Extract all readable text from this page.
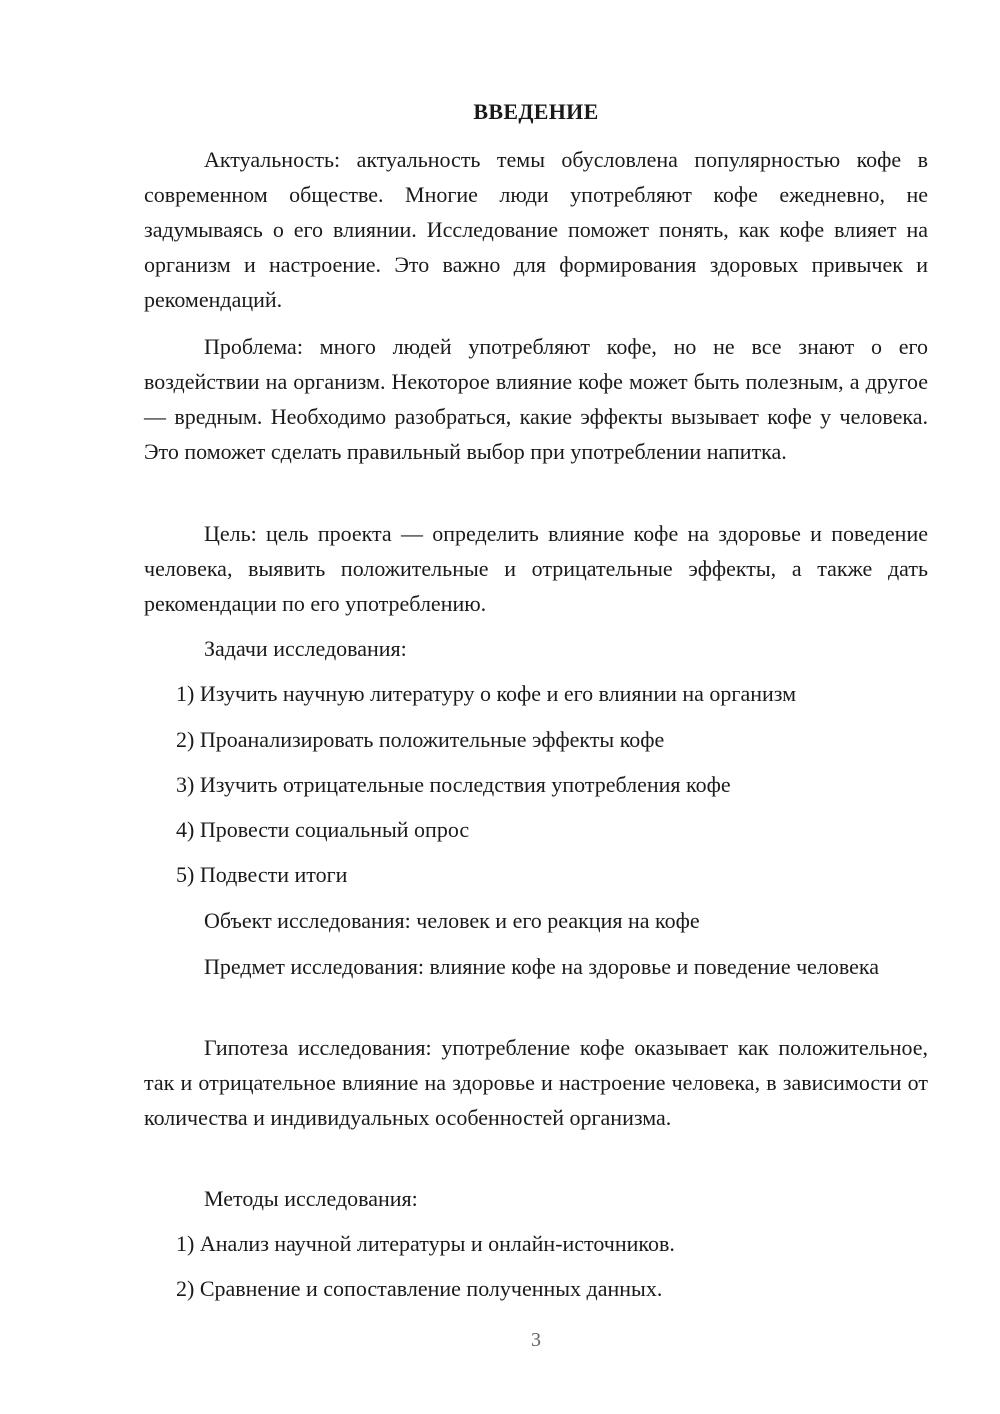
ВВЕДЕНИЕ

Актуальность: актуальность темы обусловлена популярностью кофе в современном обществе. Многие люди употребляют кофе ежедневно, не задумываясь о его влиянии. Исследование поможет понять, как кофе влияет на организм и настроение. Это важно для формирования здоровых привычек и рекомендаций.

Проблема: много людей употребляют кофе, но не все знают о его воздействии на организм. Некоторое влияние кофе может быть полезным, а другое — вредным. Необходимо разобраться, какие эффекты вызывает кофе у человека. Это поможет сделать правильный выбор при употреблении напитка.

Цель: цель проекта — определить влияние кофе на здоровье и поведение человека, выявить положительные и отрицательные эффекты, а также дать рекомендации по его употреблению.

Задачи исследования:

1) Изучить научную литературу о кофе и его влиянии на организм

2) Проанализировать положительные эффекты кофе

3) Изучить отрицательные последствия употребления кофе

4) Провести социальный опрос

5) Подвести итоги

Объект исследования: человек и его реакция на кофе

Предмет исследования: влияние кофе на здоровье и поведение человека

Гипотеза исследования: употребление кофе оказывает как положительное, так и отрицательное влияние на здоровье и настроение человека, в зависимости от количества и индивидуальных особенностей организма.

Методы исследования:

1) Анализ научной литературы и онлайн-источников.

2) Сравнение и сопоставление полученных данных.

3
